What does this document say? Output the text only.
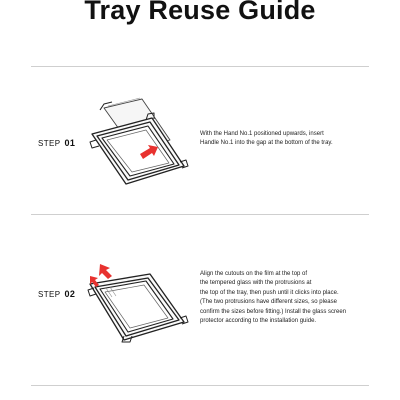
Tray Reuse Guide
STEP 01
With the Hand No.1 positioned upwards, insert
Handle No.1 into the gap at the bottom of the tray.
STEP 02
Align the cutouts on the film at the top of
the tempered glass with the protrusions at
the top of the tray, then push until it clicks into place.
(The two protrusions have different sizes, so please
confirm the sizes before fitting.) Install the glass screen
protector according to the installation guide.
